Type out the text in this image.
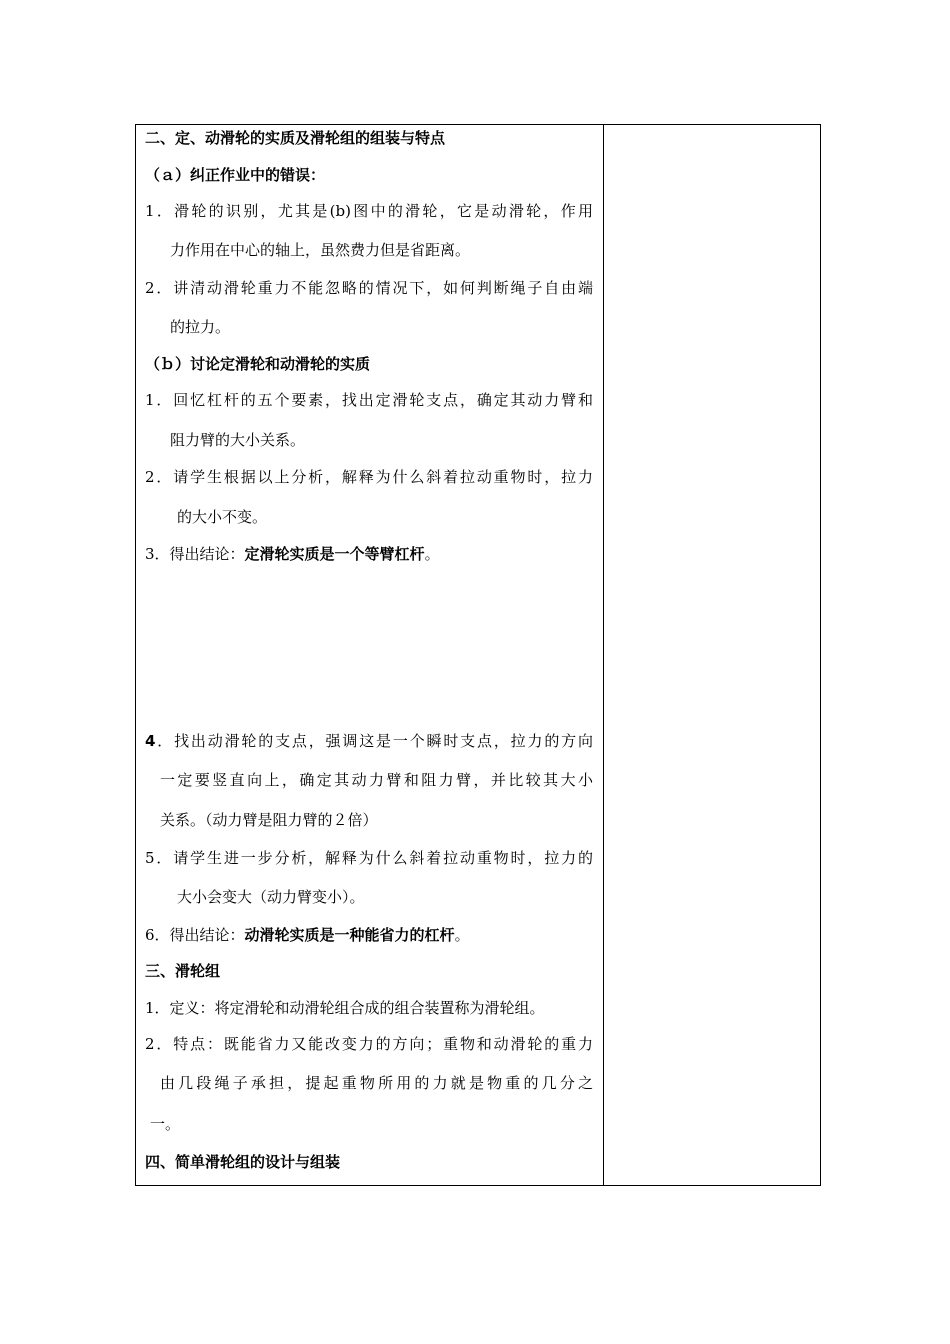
二、定、动滑轮的实质及滑轮组的组装与特点
（ａ）纠正作业中的错误：
1．滑轮的识别，尤其是(b)图中的滑轮，它是动滑轮，作用
力作用在中心的轴上，虽然费力但是省距离。
2．讲清动滑轮重力不能忽略的情况下，如何判断绳子自由端
的拉力。
（ｂ）讨论定滑轮和动滑轮的实质
1．回忆杠杆的五个要素，找出定滑轮支点，确定其动力臂和
阻力臂的大小关系。
2．请学生根据以上分析，解释为什么斜着拉动重物时，拉力
的大小不变。
3．得出结论：定滑轮实质是一个等臂杠杆。
4．找出动滑轮的支点，强调这是一个瞬时支点，拉力的方向
一定要竖直向上，确定其动力臂和阻力臂，并比较其大小
关系。（动力臂是阻力臂的２倍）
5．请学生进一步分析，解释为什么斜着拉动重物时，拉力的
大小会变大（动力臂变小）。
6．得出结论：动滑轮实质是一种能省力的杠杆。
三、滑轮组
1．定义：将定滑轮和动滑轮组合成的组合装置称为滑轮组。
2．特点：既能省力又能改变力的方向；重物和动滑轮的重力
由几段绳子承担，提起重物所用的力就是物重的几分之
一。
四、简单滑轮组的设计与组装
